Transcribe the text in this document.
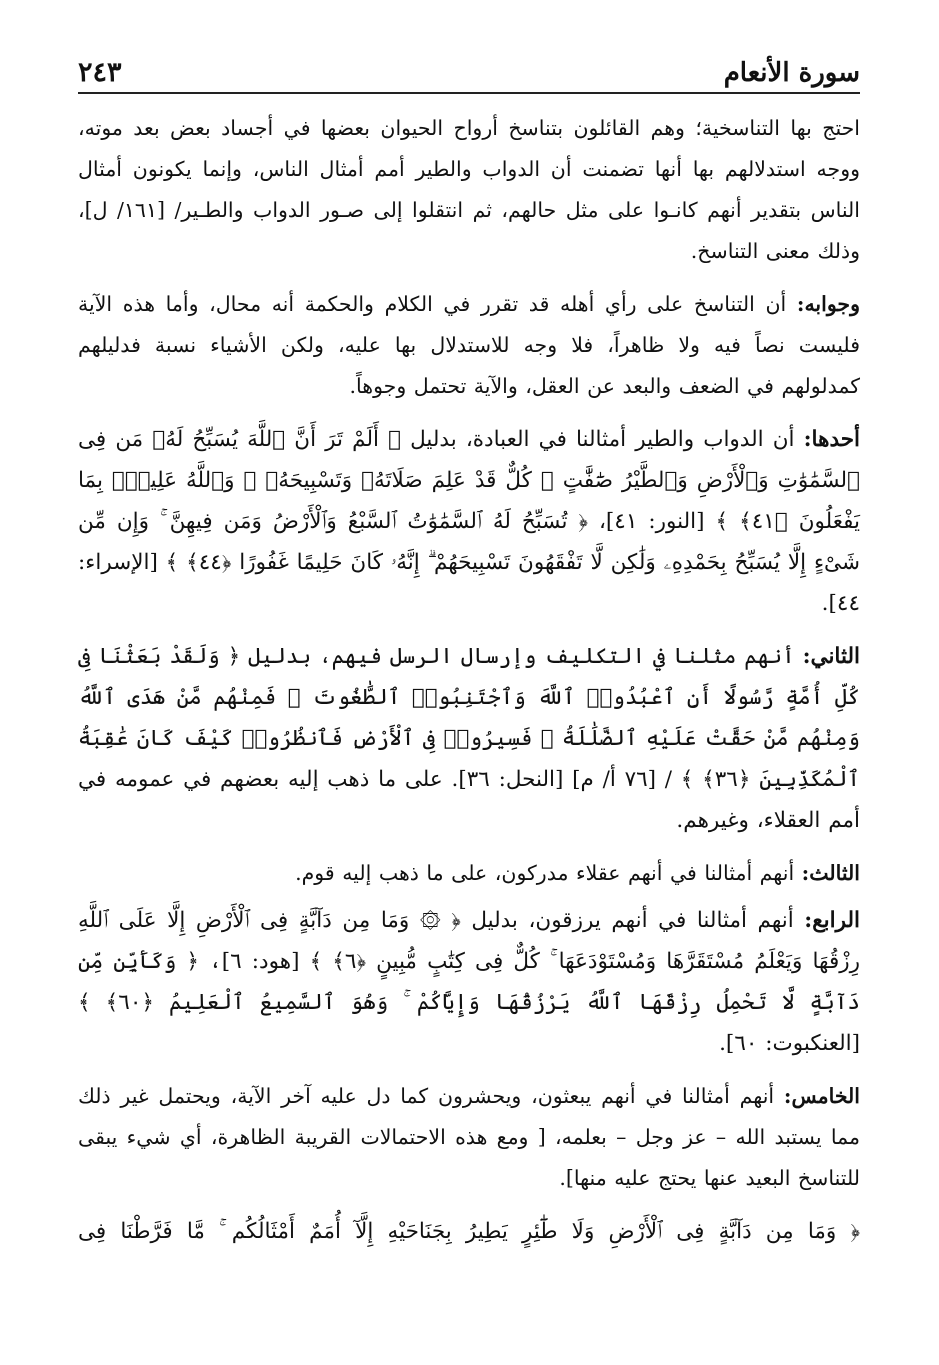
سورة الأنعام
٢٤٣

احتج بها التناسخية؛ وهم القائلون بتناسخ أرواح الحيوان بعضها في أجساد بعض بعد موته، ووجه استدلالهم بها أنها تضمنت أن الدواب والطير أمم أمثال الناس، وإنما يكونون أمثال الناس بتقدير أنهم كانـوا على مثل حالهم، ثم انتقلوا إلى صـور الدواب والطـير/ [١٦١/ ل]، وذلك معنى التناسخ.

وجوابه: أن التناسخ على رأي أهله قد تقرر في الكلام والحكمة أنه محال، وأما هذه الآية فليست نصاً فيه ولا ظاهراً، فلا وجه للاستدلال بها عليه، ولكن الأشياء نسبة فدليلهم كمدلولهم في الضعف والبعد عن العقل، والآية تحتمل وجوهاً.

أحدها: أن الدواب والطير أمثالنا في العبادة، بدليل ﴿ أَلَمْ تَرَ أَنَّ ٱللَّهَ يُسَبِّحُ لَهُۥ مَن فِى ٱلسَّمَٰوَٰتِ وَٱلْأَرْضِ وَٱلطَّيْرُ صَٰٓفَّٰتٍ ۖ كُلٌّ قَدْ عَلِمَ صَلَاتَهُۥ وَتَسْبِيحَهُۥ ۗ وَٱللَّهُ عَلِيمٌۢ بِمَا يَفْعَلُونَ ﴿٤١﴾ ﴾ [النور: ٤١]، ﴿ تُسَبِّحُ لَهُ ٱلسَّمَٰوَٰتُ ٱلسَّبْعُ وَٱلْأَرْضُ وَمَن فِيهِنَّ ۚ وَإِن مِّن شَىْءٍ إِلَّا يُسَبِّحُ بِحَمْدِهِۦ وَلَٰكِن لَّا تَفْقَهُونَ تَسْبِيحَهُمْ ۗ إِنَّهُۥ كَانَ حَلِيمًا غَفُورًا ﴿٤٤﴾ ﴾ [الإسراء: ٤٤].

الثاني: أنهم مثلنا في التكليف وإرسال الرسل فيهم، بدليل ﴿ وَلَقَدْ بَعَثْنَا فِى كُلِّ أُمَّةٍ رَّسُولًا أَنِ ٱعْبُدُوا۟ ٱللَّهَ وَٱجْتَنِبُوا۟ ٱلطَّٰغُوتَ ۖ فَمِنْهُم مَّنْ هَدَى ٱللَّهُ وَمِنْهُم مَّنْ حَقَّتْ عَلَيْهِ ٱلضَّلَٰلَةُ ۚ فَسِيرُوا۟ فِى ٱلْأَرْضِ فَٱنظُرُوا۟ كَيْفَ كَانَ عَٰقِبَةُ ٱلْمُكَذِّبِينَ ﴿٣٦﴾ ﴾ / [٧٦ أ/ م] [النحل: ٣٦]. على ما ذهب إليه بعضهم في عمومه في أمم العقلاء، وغيرهم.

الثالث: أنهم أمثالنا في أنهم عقلاء مدركون، على ما ذهب إليه قوم.

الرابع: أنهم أمثالنا في أنهم يرزقون، بدليل ﴿ ۞ وَمَا مِن دَآبَّةٍ فِى ٱلْأَرْضِ إِلَّا عَلَى ٱللَّهِ رِزْقُهَا وَيَعْلَمُ مُسْتَقَرَّهَا وَمُسْتَوْدَعَهَا ۚ كُلٌّ فِى كِتَٰبٍ مُّبِينٍ ﴿٦﴾ ﴾ [هود: ٦]، ﴿ وَكَأَيِّن مِّن دَآبَّةٍ لَّا تَحْمِلُ رِزْقَهَا ٱللَّهُ يَرْزُقُهَا وَإِيَّاكُمْ ۚ وَهُوَ ٱلسَّمِيعُ ٱلْعَلِيمُ ﴿٦٠﴾ ﴾ [العنكبوت: ٦٠].

الخامس: أنهم أمثالنا في أنهم يبعثون، ويحشرون كما دل عليه آخر الآية، ويحتمل غير ذلك مما يستبد الله – عز وجل – بعلمه، [ ومع هذه الاحتمالات القريبة الظاهرة، أي شيء يبقى للتناسخ البعيد عنها يحتج عليه منها].

﴿ وَمَا مِن دَآبَّةٍ فِى ٱلْأَرْضِ وَلَا طَٰٓئِرٍ يَطِيرُ بِجَنَاحَيْهِ إِلَّآ أُمَمٌ أَمْثَالُكُم ۚ مَّا فَرَّطْنَا فِى
